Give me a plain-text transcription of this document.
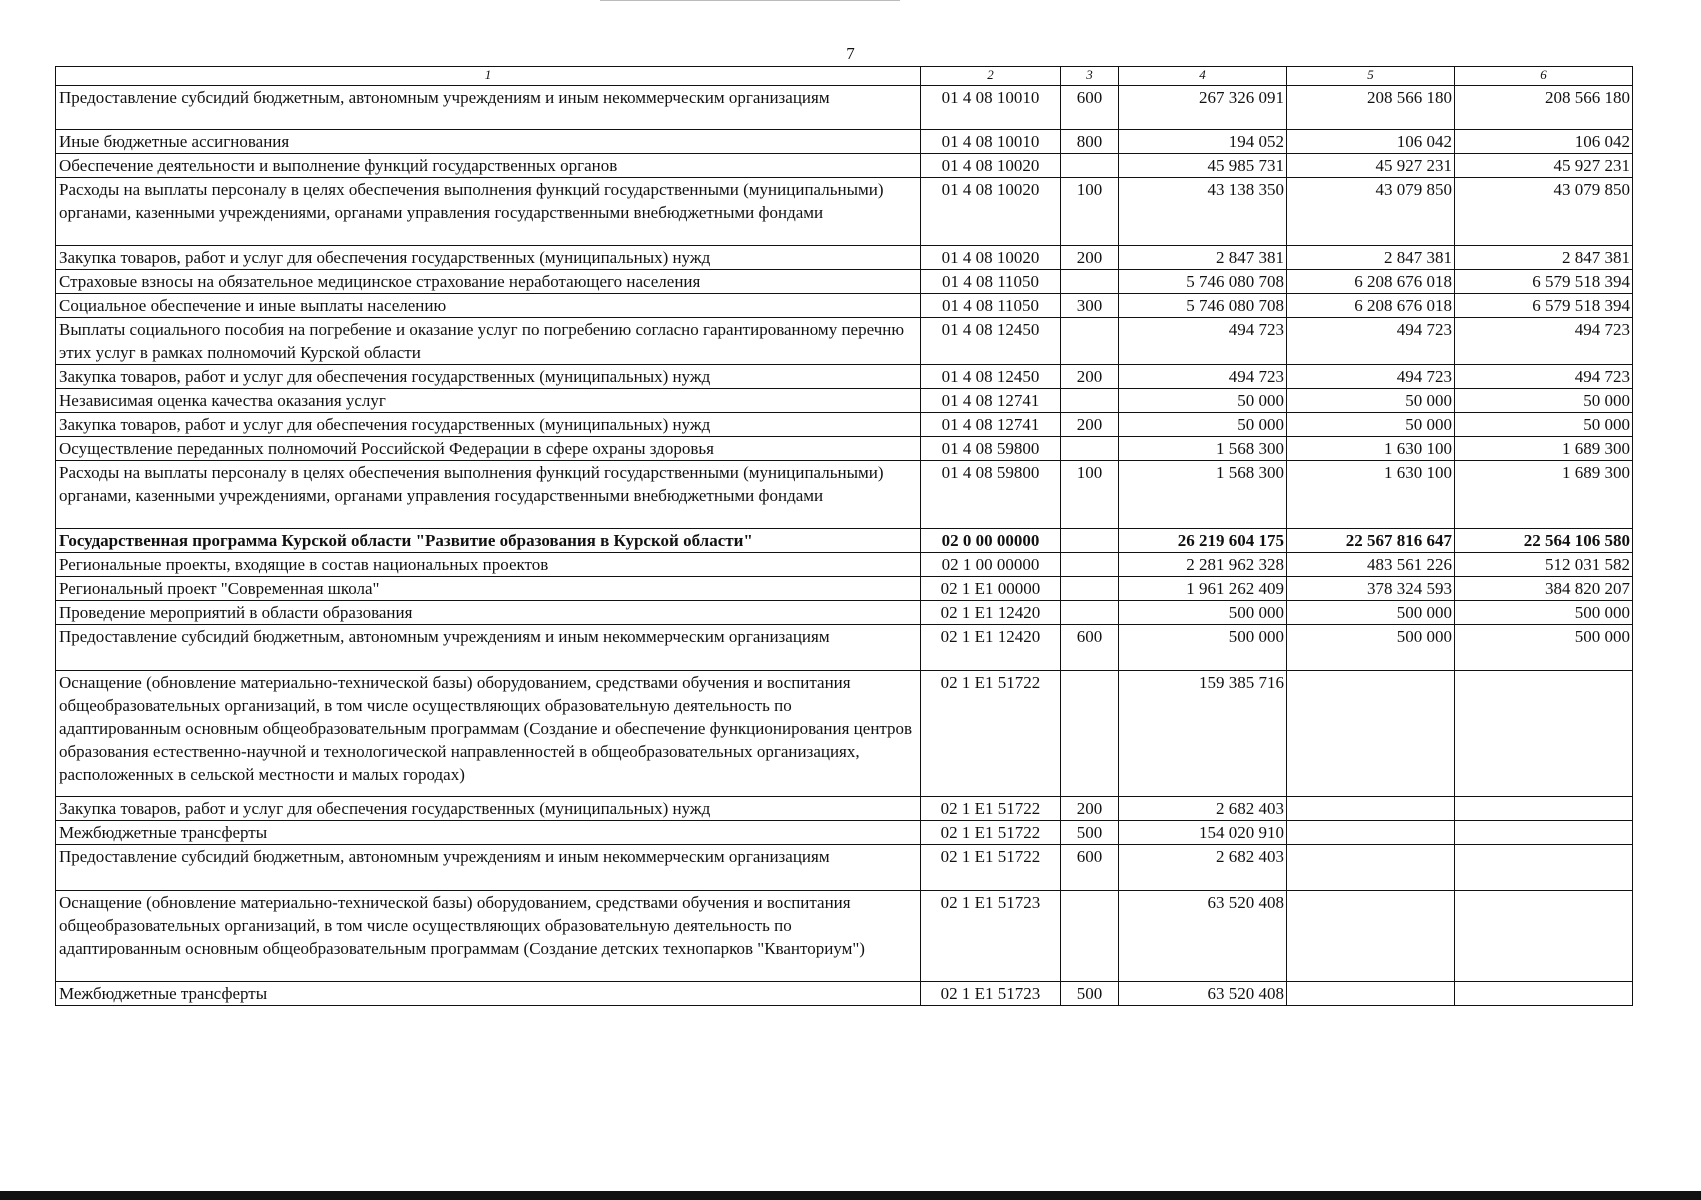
7
1	2	3	4	5	6
Предоставление субсидий бюджетным, автономным учреждениям и иным некоммерческим организациям	01 4 08 10010	600	267 326 091	208 566 180	208 566 180
Иные бюджетные ассигнования	01 4 08 10010	800	194 052	106 042	106 042
Обеспечение деятельности и выполнение функций государственных органов	01 4 08 10020		45 985 731	45 927 231	45 927 231
Расходы на выплаты персоналу в целях обеспечения выполнения функций государственными (муниципальными) органами, казенными учреждениями, органами управления государственными внебюджетными фондами	01 4 08 10020	100	43 138 350	43 079 850	43 079 850
Закупка товаров, работ и услуг для обеспечения государственных (муниципальных) нужд	01 4 08 10020	200	2 847 381	2 847 381	2 847 381
Страховые взносы на обязательное медицинское страхование неработающего населения	01 4 08 11050		5 746 080 708	6 208 676 018	6 579 518 394
Социальное обеспечение и иные выплаты населению	01 4 08 11050	300	5 746 080 708	6 208 676 018	6 579 518 394
Выплаты социального пособия на погребение и оказание услуг по погребению согласно гарантированному перечню этих услуг в рамках полномочий Курской области	01 4 08 12450		494 723	494 723	494 723
Закупка товаров, работ и услуг для обеспечения государственных (муниципальных) нужд	01 4 08 12450	200	494 723	494 723	494 723
Независимая оценка качества оказания услуг	01 4 08 12741		50 000	50 000	50 000
Закупка товаров, работ и услуг для обеспечения государственных (муниципальных) нужд	01 4 08 12741	200	50 000	50 000	50 000
Осуществление переданных полномочий Российской Федерации в сфере охраны здоровья	01 4 08 59800		1 568 300	1 630 100	1 689 300
Расходы на выплаты персоналу в целях обеспечения выполнения функций государственными (муниципальными) органами, казенными учреждениями, органами управления государственными внебюджетными фондами	01 4 08 59800	100	1 568 300	1 630 100	1 689 300
Государственная программа Курской области "Развитие образования в Курской области"	02 0 00 00000		26 219 604 175	22 567 816 647	22 564 106 580
Региональные проекты, входящие в состав национальных проектов	02 1 00 00000		2 281 962 328	483 561 226	512 031 582
Региональный проект "Современная школа"	02 1 E1 00000		1 961 262 409	378 324 593	384 820 207
Проведение мероприятий в области образования	02 1 E1 12420		500 000	500 000	500 000
Предоставление субсидий бюджетным, автономным учреждениям и иным некоммерческим организациям	02 1 E1 12420	600	500 000	500 000	500 000
Оснащение (обновление материально-технической базы) оборудованием, средствами обучения и воспитания общеобразовательных организаций, в том числе осуществляющих образовательную деятельность по адаптированным основным общеобразовательным программам (Создание и обеспечение функционирования центров образования естественно-научной и технологической направленностей в общеобразовательных организациях, расположенных в сельской местности и малых городах)	02 1 E1 51722		159 385 716		
Закупка товаров, работ и услуг для обеспечения государственных (муниципальных) нужд	02 1 E1 51722	200	2 682 403		
Межбюджетные трансферты	02 1 E1 51722	500	154 020 910		
Предоставление субсидий бюджетным, автономным учреждениям и иным некоммерческим организациям	02 1 E1 51722	600	2 682 403		
Оснащение (обновление материально-технической базы) оборудованием, средствами обучения и воспитания общеобразовательных организаций, в том числе осуществляющих образовательную деятельность по адаптированным основным общеобразовательным программам (Создание детских технопарков "Кванториум")	02 1 E1 51723		63 520 408		
Межбюджетные трансферты	02 1 E1 51723	500	63 520 408		
